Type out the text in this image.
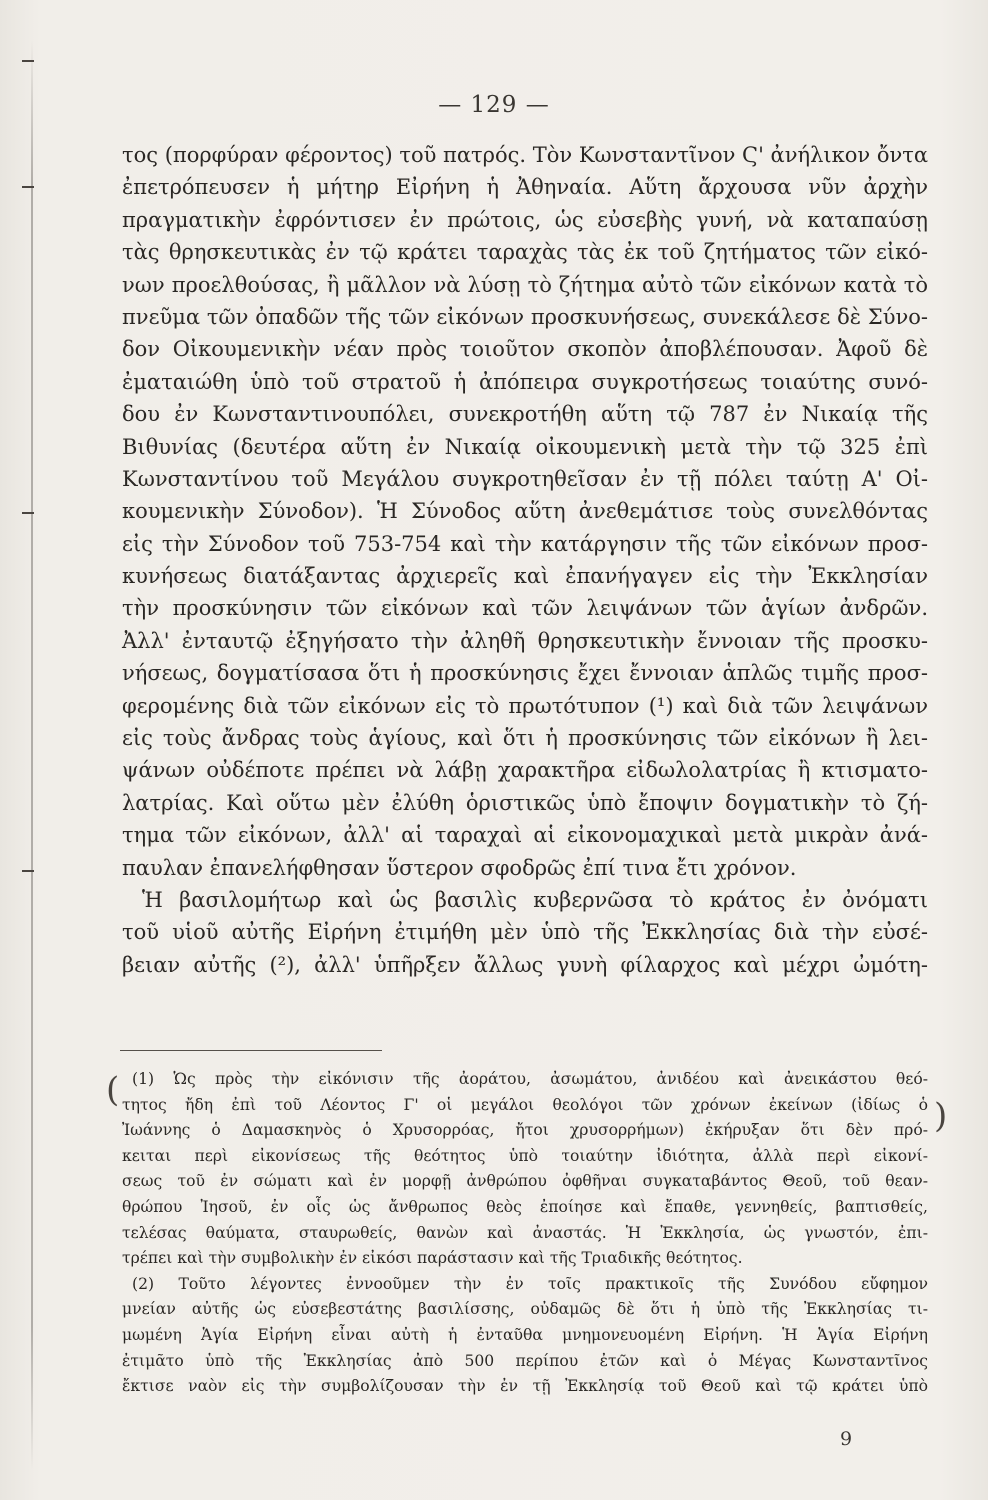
— 129 —
τος (πορφύραν φέροντος) τοῦ πατρός. Τὸν Κωνσταντῖνον Ϛ' ἀνήλικον ὄντα
ἐπετρόπευσεν ἡ μήτηρ Εἰρήνη ἡ Ἀθηναία. Αὕτη ἄρχουσα νῦν ἀρχὴν
πραγματικὴν ἐφρόντισεν ἐν πρώτοις, ὡς εὐσεβὴς γυνή, νὰ καταπαύσῃ
τὰς θρησκευτικὰς ἐν τῷ κράτει ταραχὰς τὰς ἐκ τοῦ ζητήματος τῶν εἰκό-
νων προελθούσας, ἢ μᾶλλον νὰ λύσῃ τὸ ζήτημα αὐτὸ τῶν εἰκόνων κατὰ τὸ
πνεῦμα τῶν ὀπαδῶν τῆς τῶν εἰκόνων προσκυνήσεως, συνεκάλεσε δὲ Σύνο-
δον Οἰκουμενικὴν νέαν πρὸς τοιοῦτον σκοπὸν ἀποβλέπουσαν. Ἀφοῦ δὲ
ἐματαιώθη ὑπὸ τοῦ στρατοῦ ἡ ἀπόπειρα συγκροτήσεως τοιαύτης συνό-
δου ἐν Κωνσταντινουπόλει, συνεκροτήθη αὕτη τῷ 787 ἐν Νικαίᾳ τῆς
Βιθυνίας (δευτέρα αὕτη ἐν Νικαίᾳ οἰκουμενικὴ μετὰ τὴν τῷ 325 ἐπὶ
Κωνσταντίνου τοῦ Μεγάλου συγκροτηθεῖσαν ἐν τῇ πόλει ταύτῃ Α' Οἰ-
κουμενικὴν Σύνοδον). Ἡ Σύνοδος αὕτη ἀνεθεμάτισε τοὺς συνελθόντας
εἰς τὴν Σύνοδον τοῦ 753-754 καὶ τὴν κατάργησιν τῆς τῶν εἰκόνων προσ-
κυνήσεως διατάξαντας ἀρχιερεῖς καὶ ἐπανήγαγεν εἰς τὴν Ἐκκλησίαν
τὴν προσκύνησιν τῶν εἰκόνων καὶ τῶν λειψάνων τῶν ἁγίων ἀνδρῶν.
Ἀλλ' ἐνταυτῷ ἐξηγήσατο τὴν ἀληθῆ θρησκευτικὴν ἔννοιαν τῆς προσκυ-
νήσεως, δογματίσασα ὅτι ἡ προσκύνησις ἔχει ἔννοιαν ἁπλῶς τιμῆς προσ-
φερομένης διὰ τῶν εἰκόνων εἰς τὸ πρωτότυπον (¹) καὶ διὰ τῶν λειψάνων
εἰς τοὺς ἄνδρας τοὺς ἁγίους, καὶ ὅτι ἡ προσκύνησις τῶν εἰκόνων ἢ λει-
ψάνων οὐδέποτε πρέπει νὰ λάβῃ χαρακτῆρα εἰδωλολατρίας ἢ κτισματο-
λατρίας. Καὶ οὕτω μὲν ἐλύθη ὁριστικῶς ὑπὸ ἔποψιν δογματικὴν τὸ ζή-
τημα τῶν εἰκόνων, ἀλλ' αἱ ταραχαὶ αἱ εἰκονομαχικαὶ μετὰ μικρὰν ἀνά-
παυλαν ἐπανελήφθησαν ὕστερον σφοδρῶς ἐπί τινα ἔτι χρόνον.
Ἡ βασιλομήτωρ καὶ ὡς βασιλὶς κυβερνῶσα τὸ κράτος ἐν ὀνόματι
τοῦ υἱοῦ αὐτῆς Εἰρήνη ἐτιμήθη μὲν ὑπὸ τῆς Ἐκκλησίας διὰ τὴν εὐσέ-
βειαν αὐτῆς (²), ἀλλ' ὑπῆρξεν ἄλλως γυνὴ φίλαρχος καὶ μέχρι ὠμότη-
(
)
(1) Ὡς πρὸς τὴν εἰκόνισιν τῆς ἀοράτου, ἀσωμάτου, ἀνιδέου καὶ ἀνεικάστου θεό-
τητος ἤδη ἐπὶ τοῦ Λέοντος Γ' οἱ μεγάλοι θεολόγοι τῶν χρόνων ἐκείνων (ἰδίως ὁ
Ἰωάννης ὁ Δαμασκηνὸς ὁ Χρυσορρόας, ἤτοι χρυσορρήμων) ἐκήρυξαν ὅτι δὲν πρό-
κειται περὶ εἰκονίσεως τῆς θεότητος ὑπὸ τοιαύτην ἰδιότητα, ἀλλὰ περὶ εἰκονί-
σεως τοῦ ἐν σώματι καὶ ἐν μορφῇ ἀνθρώπου ὀφθῆναι συγκαταβάντος Θεοῦ, τοῦ θεαν-
θρώπου Ἰησοῦ, ἐν οἷς ὡς ἄνθρωπος θεὸς ἐποίησε καὶ ἔπαθε, γεννηθείς, βαπτισθείς,
τελέσας θαύματα, σταυρωθείς, θανὼν καὶ ἀναστάς. Ἡ Ἐκκλησία, ὡς γνωστόν, ἐπι-
τρέπει καὶ τὴν συμβολικὴν ἐν εἰκόσι παράστασιν καὶ τῆς Τριαδικῆς θεότητος.
(2) Τοῦτο λέγοντες ἐννοοῦμεν τὴν ἐν τοῖς πρακτικοῖς τῆς Συνόδου εὔφημον
μνείαν αὐτῆς ὡς εὐσεβεστάτης βασιλίσσης, οὐδαμῶς δὲ ὅτι ἡ ὑπὸ τῆς Ἐκκλησίας τι-
μωμένη Ἁγία Εἰρήνη εἶναι αὐτὴ ἡ ἐνταῦθα μνημονευομένη Εἰρήνη. Ἡ Ἁγία Εἰρήνη
ἐτιμᾶτο ὑπὸ τῆς Ἐκκλησίας ἀπὸ 500 περίπου ἐτῶν καὶ ὁ Μέγας Κωνσταντῖνος
ἔκτισε ναὸν εἰς τὴν συμβολίζουσαν τὴν ἐν τῇ Ἐκκλησίᾳ τοῦ Θεοῦ καὶ τῷ κράτει ὑπὸ
9
